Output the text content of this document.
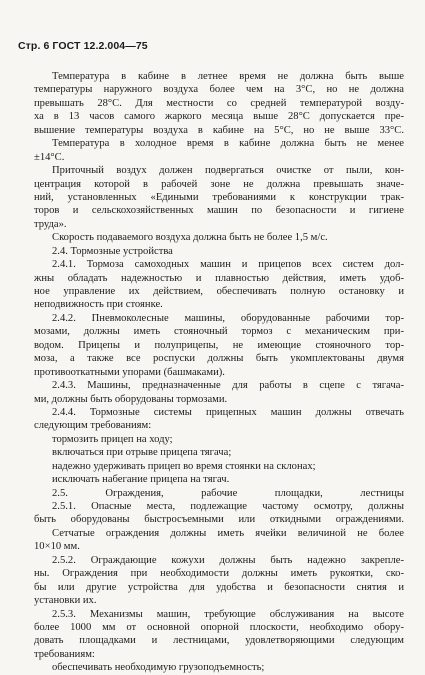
Стр. 6 ГОСТ 12.2.004—75
Температура в кабине в летнее время не должна быть выше
температуры наружного воздуха более чем на 3°С, но не должна
превышать 28°С. Для местности со средней температурой возду-
ха в 13 часов самого жаркого месяца выше 28°С допускается пре-
вышение температуры воздуха в кабине на 5°С, но не выше 33°С.
Температура в холодное время в кабине должна быть не менее
±14°С.
Приточный воздух должен подвергаться очистке от пыли, кон-
центрация которой в рабочей зоне не должна превышать значе-
ний, установленных «Едиными требованиями к конструкции трак-
торов и сельскохозяйственных машин по безопасности и гигиене
труда».
Скорость подаваемого воздуха должна быть не более 1,5 м/с.
2.4. Тормозные устройства
2.4.1. Тормоза самоходных машин и прицепов всех систем дол-
жны обладать надежностью и плавностью действия, иметь удоб-
ное управление их действием, обеспечивать полную остановку и
неподвижность при стоянке.
2.4.2. Пневмоколесные машины, оборудованные рабочими тор-
мозами, должны иметь стояночный тормоз с механическим при-
водом. Прицепы и полуприцепы, не имеющие стояночного тор-
моза, а также все роспуски должны быть укомплектованы двумя
противооткатными упорами (башмаками).
2.4.3. Машины, предназначенные для работы в сцепе с тягача-
ми, должны быть оборудованы тормозами.
2.4.4. Тормозные системы прицепных машин должны отвечать
следующим требованиям:
тормозить прицеп на ходу;
включаться при отрыве прицепа тягача;
надежно удерживать прицеп во время стоянки на склонах;
исключать набегание прицепа на тягач.
2.5. Ограждения, рабочие площадки, лестницы
2.5.1. Опасные места, подлежащие частому осмотру, должны
быть оборудованы быстросъемными или откидными ограждениями.
Сетчатые ограждения должны иметь ячейки величиной не более
10×10 мм.
2.5.2. Ограждающие кожухи должны быть надежно закрепле-
ны. Ограждения при необходимости должны иметь рукоятки, ско-
бы или другие устройства для удобства и безопасности снятия и
установки их.
2.5.3. Механизмы машин, требующие обслуживания на высоте
более 1000 мм от основной опорной плоскости, необходимо обору-
довать площадками и лестницами, удовлетворяющими следующим
требованиям:
обеспечивать необходимую грузоподъемность;
